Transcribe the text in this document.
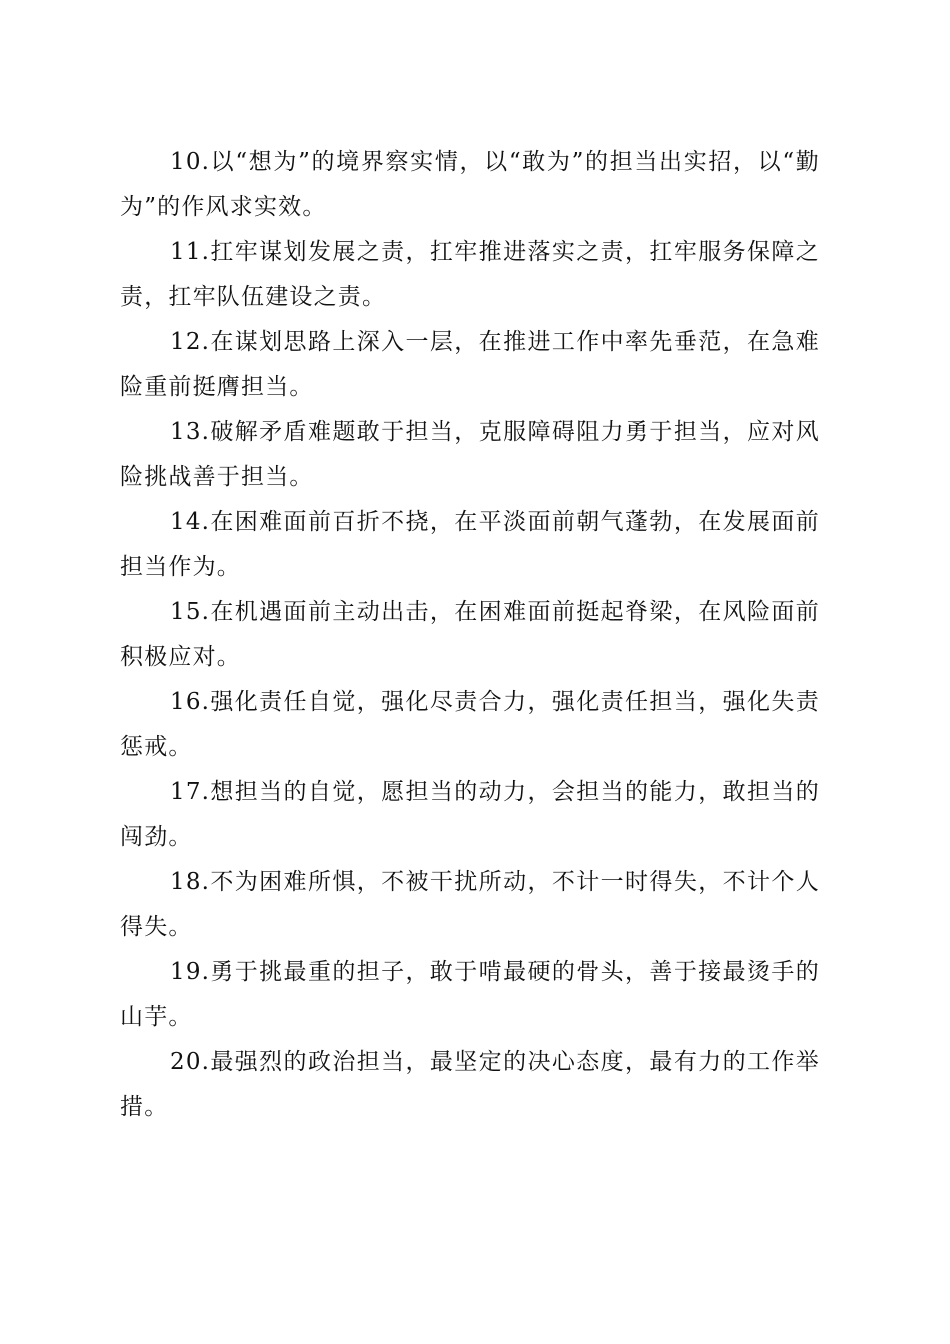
10.以“想为”的境界察实情，以“敢为”的担当出实招，以“勤为”的作风求实效。

11.扛牢谋划发展之责，扛牢推进落实之责，扛牢服务保障之责，扛牢队伍建设之责。

12.在谋划思路上深入一层，在推进工作中率先垂范，在急难险重前挺膺担当。

13.破解矛盾难题敢于担当，克服障碍阻力勇于担当，应对风险挑战善于担当。

14.在困难面前百折不挠，在平淡面前朝气蓬勃，在发展面前担当作为。

15.在机遇面前主动出击，在困难面前挺起脊梁，在风险面前积极应对。

16.强化责任自觉，强化尽责合力，强化责任担当，强化失责惩戒。

17.想担当的自觉，愿担当的动力，会担当的能力，敢担当的闯劲。

18.不为困难所惧，不被干扰所动，不计一时得失，不计个人得失。

19.勇于挑最重的担子，敢于啃最硬的骨头，善于接最烫手的山芋。

20.最强烈的政治担当，最坚定的决心态度，最有力的工作举措。
